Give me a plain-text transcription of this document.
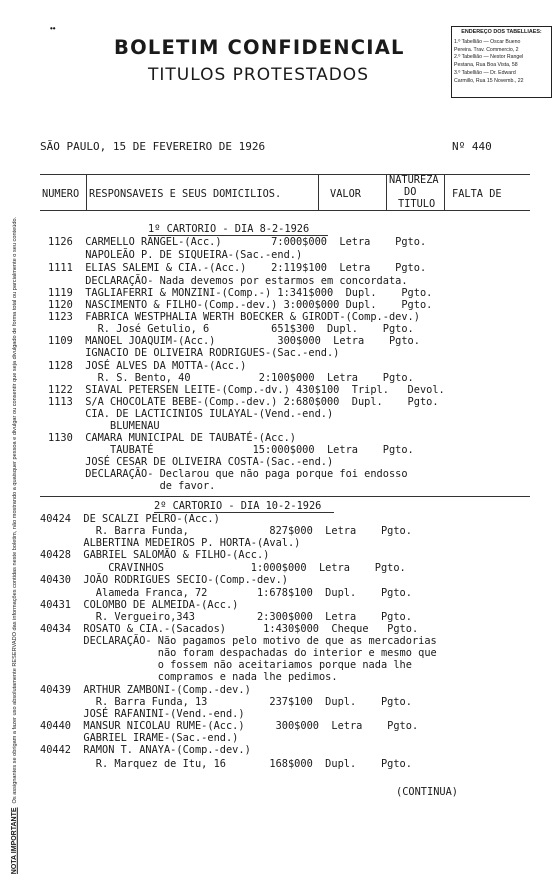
••
BOLETIM CONFIDENCIAL
TITULOS PROTESTADOS
ENDEREÇO DOS TABELLIÃES:
1.º Tabellião — Oscar Bueno
Pereira. Trav. Commercio, 2
2.º Tabellião — Nestor Rangel
Pestana, Rua Boa Vista, 58
3.º Tabellião — Dr. Edward
Carmillo, Rua 15 Novemb., 22
NOTA IMPORTANTEOs assignantes se obrigam a fazer uso absolutamente RESERVADO das informações contidas neste boletim, não mostrando a quaisquer pessoa e divulgar ou consentir que seja divulgado de forma total ou parcialmente o seu conteúdo.
SÃO PAULO, 15 DE FEVEREIRO DE 1926	Nº 440
NUMERO RESPONSAVEIS E SEUS DOMICILIOS.	VALOR
NATUREZA
DO
TITULO
FALTA DE
1º CARTORIO - DIA 8-2-1926
1126  CARMELLO RANGEL-(Acc.)        7:000$000  Letra    Pgto.
NAPOLEÃO P. DE SIQUEIRA-(Sac.-end.)
1111  ELIAS SALEMI & CIA.-(Acc.)    2:119$100  Letra    Pgto.
DECLARAÇÃO- Nada devemos por estarmos em concordata.
1119  TAGLIAFERRI & MONZINI-(Comp.-) 1:341$000  Dupl.    Pgto.
1120  NASCIMENTO & FILHO-(Comp.-dev.) 3:000$000 Dupl.    Pgto.
1123  FABRICA WESTPHALIA WERTH BOECKER & GIRODT-(Comp.-dev.)
R. José Getulio, 6          651$300  Dupl.    Pgto.
1109  MANOEL JOAQUIM-(Acc.)          300$000  Letra    Pgto.
IGNACIO DE OLIVEIRA RODRIGUES-(Sac.-end.)
1128  JOSÉ ALVES DA MOTTA-(Acc.)
R. S. Bento, 40           2:100$000  Letra    Pgto.
1122  SIAVAL PETERSEN LEITE-(Comp.-dv.) 430$100  Tripl.   Devol.
1113  S/A CHOCOLATE BEBE-(Comp.-dev.) 2:680$000  Dupl.    Pgto.
CIA. DE LACTICINIOS IULAYAL-(Vend.-end.)
BLUMENAU
1130  CAMARA MUNICIPAL DE TAUBATÉ-(Acc.)
TAUBATÉ                15:000$000  Letra    Pgto.
JOSÉ CESAR DE OLIVEIRA COSTA-(Sac.-end.)
DECLARAÇÃO- Declarou que não paga porque foi endosso
de favor.
2º CARTORIO - DIA 10-2-1926
40424  DE SCALZI PELRO-(Acc.)
R. Barra Funda,             827$000  Letra    Pgto.
ALBERTINA MEDEIROS P. HORTA-(Aval.)
40428  GABRIEL SALOMÃO & FILHO-(Acc.)
CRAVINHOS              1:000$000  Letra    Pgto.
40430  JOÃO RODRIGUES SECIO-(Comp.-dev.)
Alameda Franca, 72        1:678$100  Dupl.    Pgto.
40431  COLOMBO DE ALMEIDA-(Acc.)
R. Vergueiro,343          2:300$000  Letra    Pgto.
40434  ROSATO & CIA.-(Sacados)      1:430$000  Cheque   Pgto.
DECLARAÇÃO- Não pagamos pelo motivo de que as mercadorias
não foram despachadas do interior e mesmo que
o fossem não aceitariamos porque nada lhe
compramos e nada lhe pedimos.
40439  ARTHUR ZAMBONI-(Comp.-dev.)
R. Barra Funda, 13          237$100  Dupl.    Pgto.
JOSÉ RAFANINI-(Vend.-end.)
40440  MANSUR NICOLAU RUME-(Acc.)     300$000  Letra    Pgto.
GABRIEL IRAME-(Sac.-end.)
40442  RAMON T. ANAYA-(Comp.-dev.)
R. Marquez de Itu, 16       168$000  Dupl.    Pgto.
(CONTINUA)
